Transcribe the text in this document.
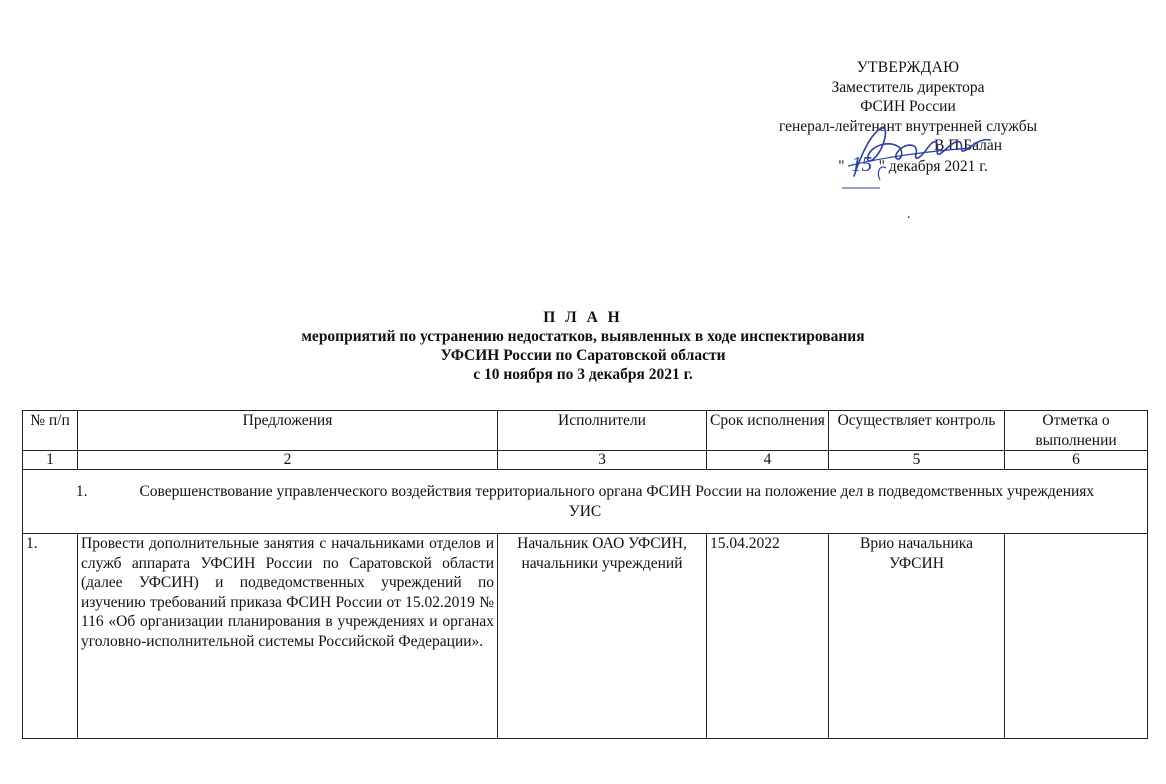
УТВЕРЖДАЮ
Заместитель директора
ФСИН России
генерал-лейтенант внутренней службы
В.П Балан
" 15 " декабря 2021 г.
.
П Л А Н
мероприятий по устранению недостатков, выявленных в ходе инспектирования
УФСИН России по Саратовской области
с 10 ноября по 3 декабря 2021 г.
№ п/п	Предложения	Исполнители	Срок исполнения	Осуществляет контроль	Отметка о выполнении
1	2	3	4	5	6
1. Совершенствование управленческого воздействия территориального органа ФСИН России на положение дел в подведомственных учреждениях УИС					
1.	Провести дополнительные занятия с начальниками отделов и служб аппарата УФСИН России по Саратовской области (далее УФСИН) и подведомственных учреждений по изучению требований приказа ФСИН России от 15.02.2019 № 116 «Об организации планирования в учреждениях и органах уголовно-исполнительной системы Российской Федерации».	Начальник ОАО УФСИН, начальники учреждений	15.04.2022	Врио начальника УФСИН	
